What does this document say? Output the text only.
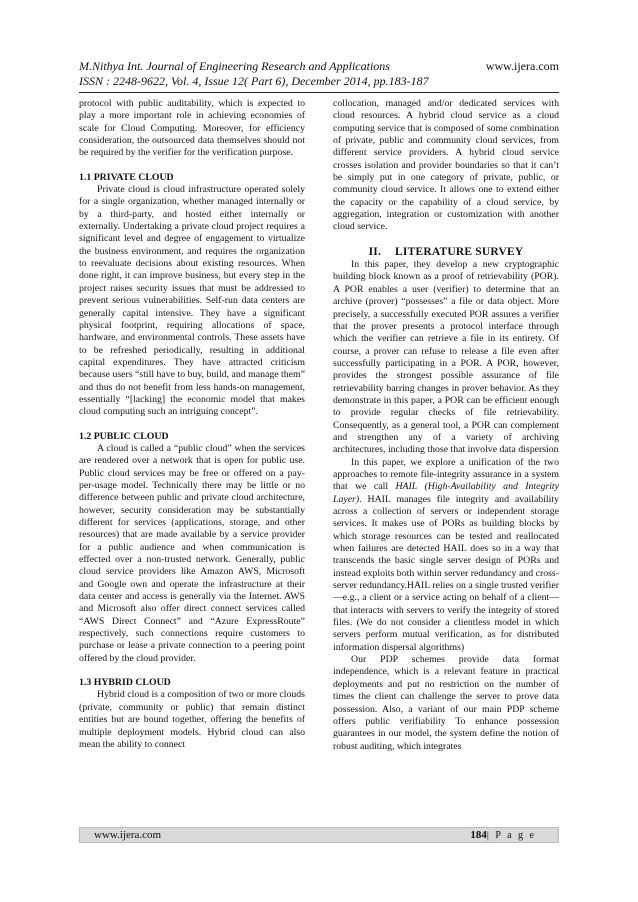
M.Nithya Int. Journal of Engineering Research and Applications	www.ijera.com
ISSN : 2248-9622, Vol. 4, Issue 12( Part 6), December 2014, pp.183-187

protocol with public auditability, which is expected to play a more important role in achieving economies of scale for Cloud Computing. Moreover, for efficiency consideration, the outsourced data themselves should not be required by the verifier for the verification purpose.

1.1 PRIVATE CLOUD

Private cloud is cloud infrastructure operated solely for a single organization, whether managed internally or by a third-party, and hosted either internally or externally. Undertaking a private cloud project requires a significant level and degree of engagement to virtualize the business environment, and requires the organization to reevaluate decisions about existing resources. When done right, it can improve business, but every step in the project raises security issues that must be addressed to prevent serious vulnerabilities. Self-run data centers are generally capital intensive. They have a significant physical footprint, requiring allocations of space, hardware, and environmental controls. These assets have to be refreshed periodically, resulting in additional capital expenditures. They have attracted criticism because users “still have to buy, build, and manage them” and thus do not benefit from less hands-on management, essentially “[lacking] the economic model that makes cloud computing such an intriguing concept”.

1.2 PUBLIC CLOUD

A cloud is called a “public cloud” when the services are rendered over a network that is open for public use. Public cloud services may be free or offered on a pay-per-usage model. Technically there may be little or no difference between public and private cloud architecture, however, security consideration may be substantially different for services (applications, storage, and other resources) that are made available by a service provider for a public audience and when communication is effected over a non-trusted network. Generally, public cloud service providers like Amazon AWS, Microsoft and Google own and operate the infrastructure at their data center and access is generally via the Internet. AWS and Microsoft also offer direct connect services called “AWS Direct Connect” and “Azure ExpressRoute” respectively, such connections require customers to purchase or lease a private connection to a peering point offered by the cloud provider.

1.3 HYBRID CLOUD

Hybrid cloud is a composition of two or more clouds (private, community or public) that remain distinct entities but are bound together, offering the benefits of multiple deployment models. Hybrid cloud can also mean the ability to connect

collocation, managed and/or dedicated services with cloud resources. A hybrid cloud service as a cloud computing service that is composed of some combination of private, public and community cloud services, from different service providers. A hybrid cloud service crosses isolation and provider boundaries so that it can’t be simply put in one category of private, public, or community cloud service. It allows one to extend either the capacity or the capability of a cloud service, by aggregation, integration or customization with another cloud service.

II. LITERATURE SURVEY

In this paper, they develop a new cryptographic building block known as a proof of retrievability (POR). A POR enables a user (verifier) to determine that an archive (prover) “possesses” a file or data object. More precisely, a successfully executed POR assures a verifier that the prover presents a protocol interface through which the verifier can retrieve a file in its entirety. Of course, a prover can refuse to release a file even after successfully participating in a POR. A POR, however, provides the strongest possible assurance of file retrievability barring changes in prover behavior. As they demonstrate in this paper, a POR can be efficient enough to provide regular checks of file retrievability. Consequently, as a general tool, a POR can complement and strengthen any of a variety of archiving architectures, including those that involve data dispersion

In this paper, we explore a unification of the two approaches to remote file-integrity assurance in a system that we call HAIL (High-Availability and Integrity Layer). HAIL manages file integrity and availability across a collection of servers or independent storage services. It makes use of PORs as building blocks by which storage resources can be tested and reallocated when failures are detected HAIL does so in a way that transcends the basic single server design of PORs and instead exploits both within server redundancy and cross-server redundancy.HAIL relies on a single trusted verifier—e.g., a client or a service acting on behalf of a client—that interacts with servers to verify the integrity of stored files. (We do not consider a clientless model in which servers perform mutual verification, as for distributed information dispersal algorithms)

Our PDP schemes provide data format independence, which is a relevant feature in practical deployments and put no restriction on the number of times the client can challenge the server to prove data possession. Also, a variant of our main PDP scheme offers public verifiability To enhance possession guarantees in our model, the system define the notion of robust auditing, which integrates

www.ijera.com	184| P a g e
